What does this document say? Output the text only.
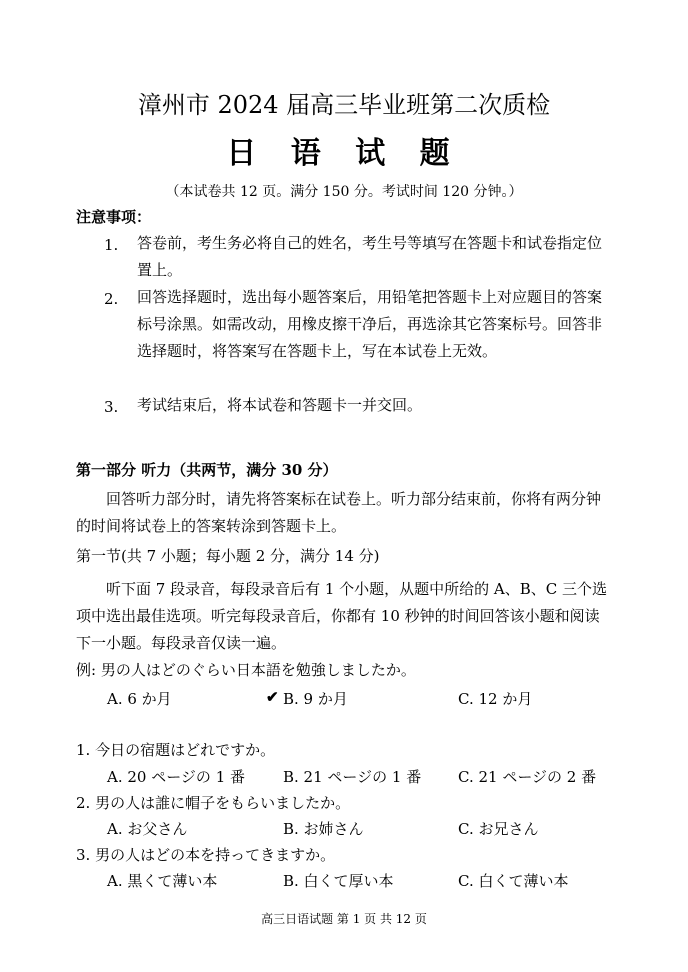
漳州市 2024 届高三毕业班第二次质检
日 语 试 题
（本试卷共 12 页。满分 150 分。考试时间 120 分钟。）
注意事项：
1. 答卷前，考生务必将自己的姓名，考生号等填写在答题卡和试卷指定位置上。
2. 回答选择题时，选出每小题答案后，用铅笔把答题卡上对应题目的答案标号涂黑。如需改动，用橡皮擦干净后，再选涂其它答案标号。回答非选择题时，将答案写在答题卡上，写在本试卷上无效。
3. 考试结束后，将本试卷和答题卡一并交回。
第一部分 听力（共两节，满分 30 分）
回答听力部分时，请先将答案标在试卷上。听力部分结束前，你将有两分钟的时间将试卷上的答案转涂到答题卡上。
第一节(共 7 小题；每小题 2 分，满分 14 分)
听下面 7 段录音，每段录音后有 1 个小题，从题中所给的 A、B、C 三个选项中选出最佳选项。听完每段录音后，你都有 10 秒钟的时间回答该小题和阅读下一小题。每段录音仅读一遍。
例: 男の人はどのぐらい日本語を勉強しましたか。
A. 6 か月	✔ B. 9 か月	C. 12 か月
1. 今日の宿題はどれですか。
A. 20 ページの 1 番	B. 21 ページの 1 番 C. 21 ページの 2 番
2. 男の人は誰に帽子をもらいましたか。
A. お父さん	B. お姉さん	C. お兄さん
3. 男の人はどの本を持ってきますか。
A. 黒くて薄い本	B. 白くて厚い本	C. 白くて薄い本
高三日语试题 第 1 页 共 12 页
